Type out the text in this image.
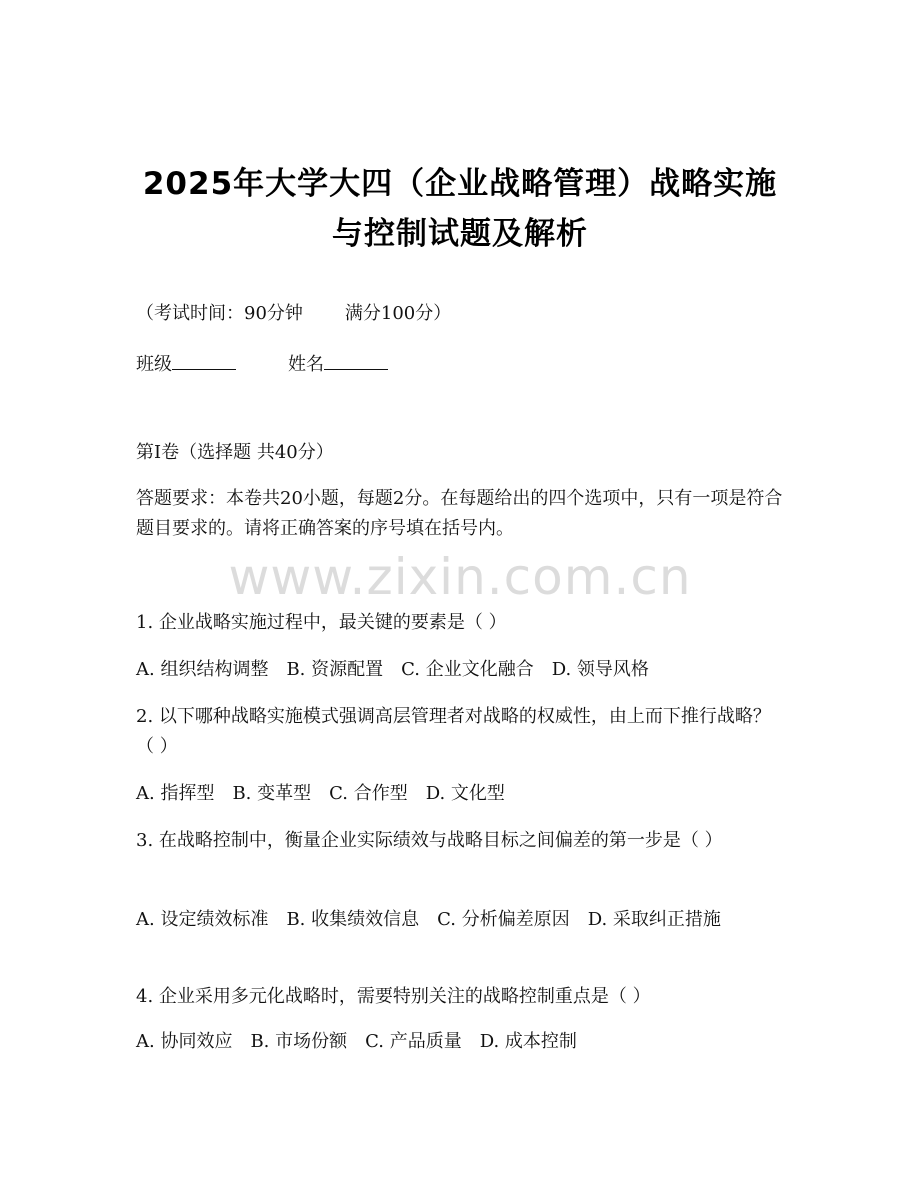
2025年大学大四（企业战略管理）战略实施
与控制试题及解析
（考试时间：90分钟 满分100分）
班级	姓名
第I卷（选择题 共40分）
答题要求：本卷共20小题，每题2分。在每题给出的四个选项中，只有一项是符合题目要求的。请将正确答案的序号填在括号内。
www.zixin.com.cn
1. 企业战略实施过程中，最关键的要素是（ ）
A. 组织结构调整 B. 资源配置 C. 企业文化融合 D. 领导风格
2. 以下哪种战略实施模式强调高层管理者对战略的权威性，由上而下推行战略？（ ）
A. 指挥型 B. 变革型 C. 合作型 D. 文化型
3. 在战略控制中，衡量企业实际绩效与战略目标之间偏差的第一步是（ ）
A. 设定绩效标准 B. 收集绩效信息 C. 分析偏差原因 D. 采取纠正措施
4. 企业采用多元化战略时，需要特别关注的战略控制重点是（ ）
A. 协同效应 B. 市场份额 C. 产品质量 D. 成本控制
